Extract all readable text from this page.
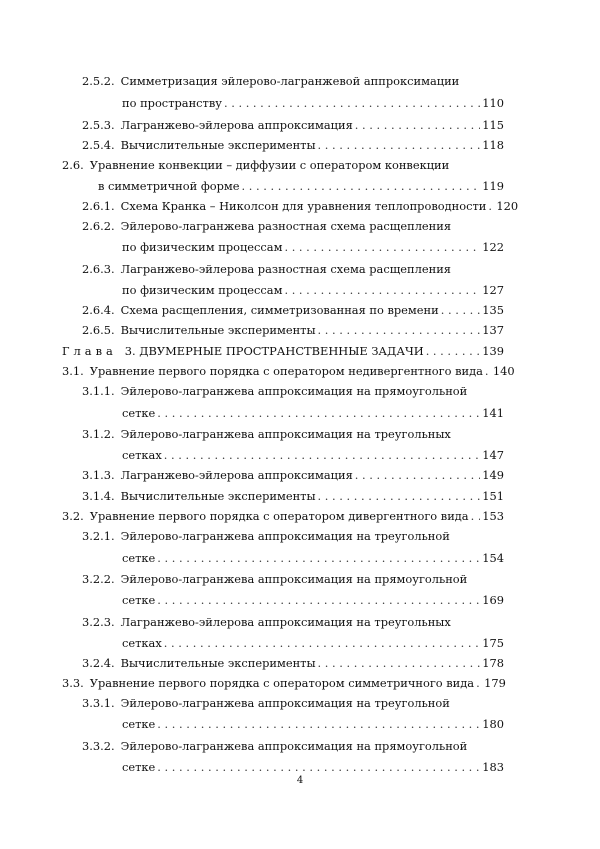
2.5.2. Симметризация эйлерово-лагранжевой аппроксимации
по пространству . . .	110
2.5.3. Лагранжево-эйлерова аппроксимация . . .	115
2.5.4. Вычислительные эксперименты . . .	118
2.6. Уравнение конвекции – диффузии с оператором конвекции
в симметричной форме . . .	119
2.6.1. Схема Кранка – Николсон для уравнения теплопроводности . . . 120
2.6.2. Эйлерово-лагранжева разностная схема расщепления
по физическим процессам . . .	122
2.6.3. Лагранжево-эйлерова разностная схема расщепления
по физическим процессам . . .	127
2.6.4. Схема расщепления, симметризованная по времени . . .	135
2.6.5. Вычислительные эксперименты . . .	137
Глава 3. ДВУМЕРНЫЕ ПРОСТРАНСТВЕННЫЕ ЗАДАЧИ . . .	139
3.1. Уравнение первого порядка с оператором недивергентного вида . . . 140
3.1.1. Эйлерово-лагранжева аппроксимация на прямоугольной
сетке . . .	141
3.1.2. Эйлерово-лагранжева аппроксимация на треугольных
сетках . . .	147
3.1.3. Лагранжево-эйлерова аппроксимация . . .	149
3.1.4. Вычислительные эксперименты . . .	151
3.2. Уравнение первого порядка с оператором дивергентного вида . . . 153
3.2.1. Эйлерово-лагранжева аппроксимация на треугольной
сетке . . .	154
3.2.2. Эйлерово-лагранжева аппроксимация на прямоугольной
сетке . . .	169
3.2.3. Лагранжево-эйлерова аппроксимация на треугольных
сетках . . .	175
3.2.4. Вычислительные эксперименты . . .	178
3.3. Уравнение первого порядка с оператором симметричного вида . . . 179
3.3.1. Эйлерово-лагранжева аппроксимация на треугольной
сетке . . .	180
3.3.2. Эйлерово-лагранжева аппроксимация на прямоугольной
сетке . . .	183
4
